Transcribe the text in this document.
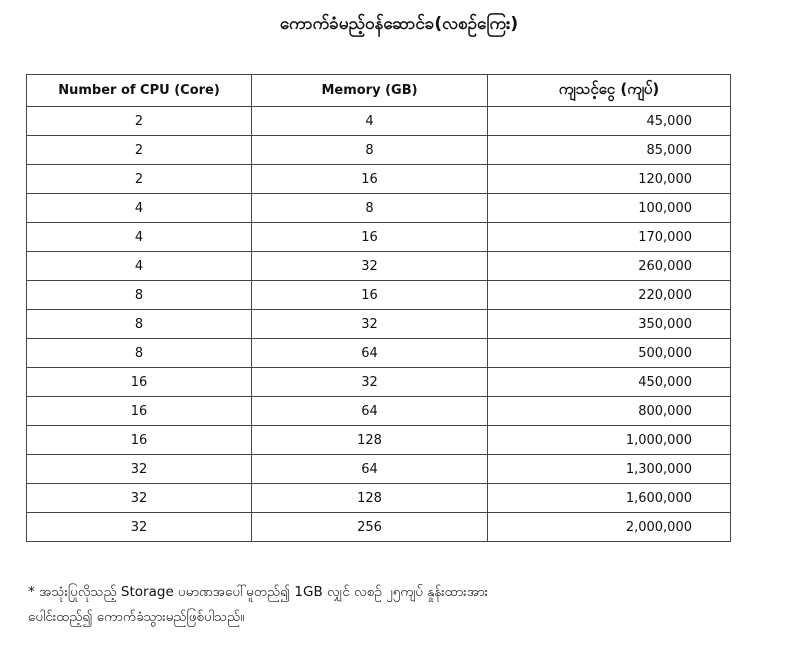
ကောက်ခံမည့်ဝန်ဆောင်ခ(လစဉ်ကြေး)
Number of CPU (Core)	Memory (GB)	ကျသင့်ငွေ (ကျပ်)
2	4	45,000
2	8	85,000
2	16	120,000
4	8	100,000
4	16	170,000
4	32	260,000
8	16	220,000
8	32	350,000
8	64	500,000
16	32	450,000
16	64	800,000
16	128	1,000,000
32	64	1,300,000
32	128	1,600,000
32	256	2,000,000
* အသုံးပြုလိုသည့် Storage ပမာဏအပေါ်မူတည်၍ 1GB လျှင် လစဉ် ၂၅ကျပ် နှုန်းထားအား
ပေါင်းထည့်၍ ကောက်ခံသွားမည်ဖြစ်ပါသည်။
